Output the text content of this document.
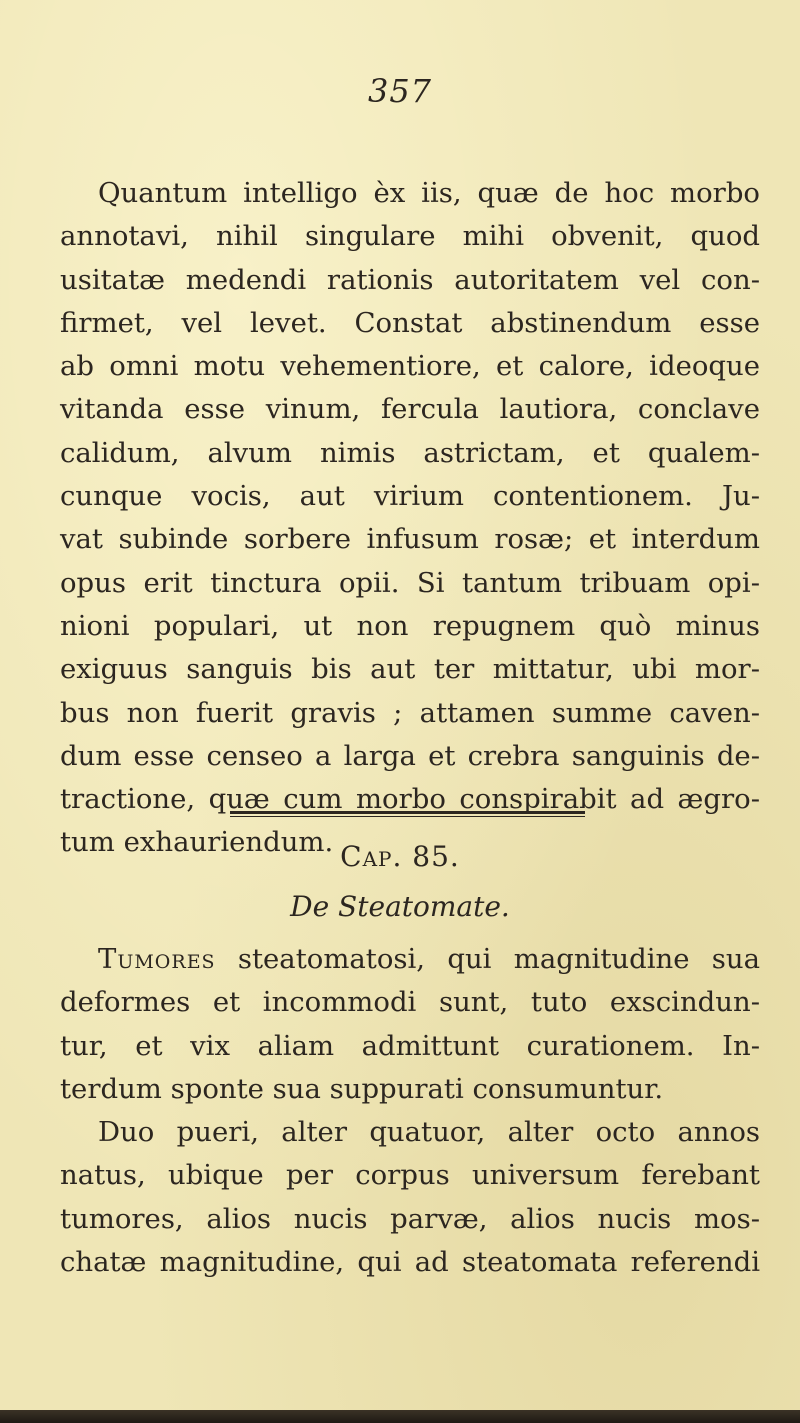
357

Quantum intelligo èx iis, quæ de hoc morbo
annotavi, nihil singulare mihi obvenit, quod
usitatæ medendi rationis autoritatem vel con-
firmet, vel levet. Constat abstinendum esse
ab omni motu vehementiore, et calore, ideoque
vitanda esse vinum, fercula lautiora, conclave
calidum, alvum nimis astrictam, et qualem-
cunque vocis, aut virium contentionem. Ju-
vat subinde sorbere infusum rosæ; et interdum
opus erit tinctura opii. Si tantum tribuam opi-
nioni populari, ut non repugnem quò minus
exiguus sanguis bis aut ter mittatur, ubi mor-
bus non fuerit gravis ; attamen summe caven-
dum esse censeo a larga et crebra sanguinis de-
tractione, quæ cum morbo conspirabit ad ægro-
tum exhauriendum. Cap. 85.
De Steatomate.

Tumores steatomatosi, qui magnitudine sua
deformes et incommodi sunt, tuto exscindun-
tur, et vix aliam admittunt curationem. In-
terdum sponte sua suppurati consumuntur.

Duo pueri, alter quatuor, alter octo annos
natus, ubique per corpus universum ferebant
tumores, alios nucis parvæ, alios nucis mos-
chatæ magnitudine, qui ad steatomata referendi
